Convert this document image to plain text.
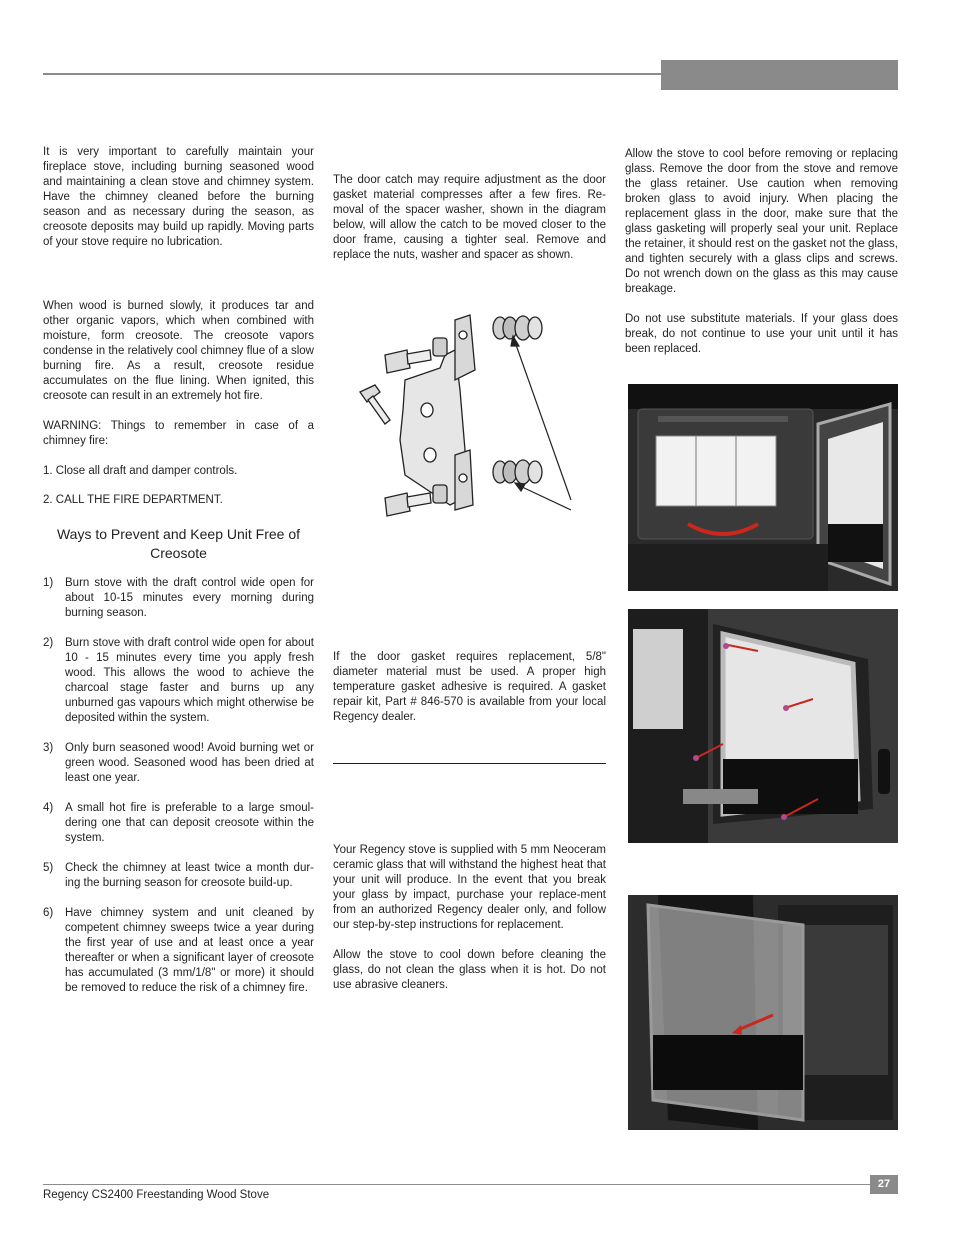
It is very important to carefully maintain your fireplace stove, including burning seasoned wood and maintaining a clean stove and chimney system. Have the chimney cleaned before the burning season and as necessary during the season, as creosote deposits may build up rapidly. Moving parts of your stove require no lubrication.

When wood is burned slowly, it produces tar and other organic vapors, which when combined with moisture, form creosote. The creosote vapors condense in the relatively cool chimney flue of a slow burning fire. As a result, creosote residue accumulates on the flue lining. When ignited, this creosote can result in an extremely hot fire.

WARNING: Things to remember in case of a chimney fire:

1. Close all draft and damper controls.

2. CALL THE FIRE DEPARTMENT.

Ways to Prevent and Keep Unit Free of Creosote

1) Burn stove with the draft control wide open for about 10-15 minutes every morning during burning season.
2) Burn stove with draft control wide open for about 10 - 15 minutes every time you apply fresh wood. This allows the wood to achieve the charcoal stage faster and burns up any unburned gas vapours which might otherwise be deposited within the system.
3) Only burn seasoned wood! Avoid burning wet or green wood. Seasoned wood has been dried at least one year.
4) A small hot fire is preferable to a large smoul-dering one that can deposit creosote within the system.
5) Check the chimney at least twice a month dur-ing the burning season for creosote build-up.
6) Have chimney system and unit cleaned by competent chimney sweeps twice a year during the first year of use and at least once a year thereafter or when a significant layer of creosote has accumulated (3 mm/1/8" or more) it should be removed to reduce the risk of a chimney fire.

The door catch may require adjustment as the door gasket material compresses after a few fires. Re-moval of the spacer washer, shown in the diagram below, will allow the catch to be moved closer to the door frame, causing a tighter seal. Remove and replace the nuts, washer and spacer as shown.

If the door gasket requires replacement, 5/8" diameter material must be used. A proper high temperature gasket adhesive is required. A gasket repair kit, Part # 846-570 is available from your local Regency dealer.

Your Regency stove is supplied with 5 mm Neoceram ceramic glass that will withstand the highest heat that your unit will produce. In the event that you break your glass by impact, purchase your replace-ment from an authorized Regency dealer only, and follow our step-by-step instructions for replacement.

Allow the stove to cool down before cleaning the glass, do not clean the glass when it is hot. Do not use abrasive cleaners.

Allow the stove to cool before removing or replacing glass. Remove the door from the stove and remove the glass retainer. Use caution when removing broken glass to avoid injury. When placing the replacement glass in the door, make sure that the glass gasketing will properly seal your unit. Replace the retainer, it should rest on the gasket not the glass, and tighten securely with a glass clips and screws. Do not wrench down on the glass as this may cause breakage.

Do not use substitute materials. If your glass does break, do not continue to use your unit until it has been replaced.

27
Regency CS2400 Freestanding Wood Stove
